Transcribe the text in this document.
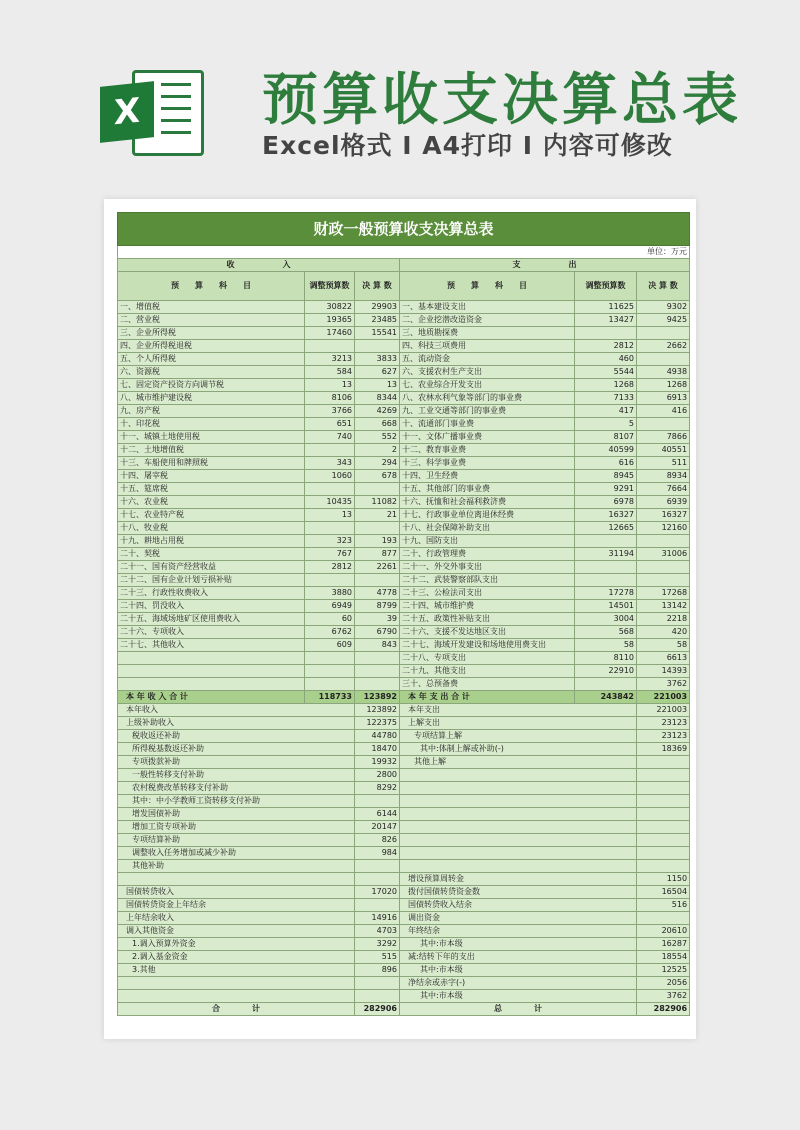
X 预算收支决算总表
Excel格式 I A4打印 I 内容可修改
财政一般预算收支决算总表					
单位：万元					
收　　　　　　入			支　　　　　　出		
预　　算　　科　　目	调整预算数	决 算 数	预　　算　　科　　目	调整预算数	决 算 数
一、增值税	30822	29903	一、基本建设支出	11625	9302
二、营业税	19365	23485	二、企业挖潜改造资金	13427	9425
三、企业所得税	17460	15541	三、地质勘探费		
四、企业所得税退税			四、科技三项费用	2812	2662
五、个人所得税	3213	3833	五、流动资金	460	
六、资源税	584	627	六、支援农村生产支出	5544	4938
七、固定资产投资方向调节税	13	13	七、农业综合开发支出	1268	1268
八、城市维护建设税	8106	8344	八、农林水利气象等部门的事业费	7133	6913
九、房产税	3766	4269	九、工业交通等部门的事业费	417	416
十、印花税	651	668	十、流通部门事业费	5	
十一、城镇土地使用税	740	552	十一、文体广播事业费	8107	7866
十二、土地增值税		2	十二、教育事业费	40599	40551
十三、车船使用和牌照税	343	294	十三、科学事业费	616	511
十四、屠宰税	1060	678	十四、卫生经费	8945	8934
十五、筵席税			十五、其他部门的事业费	9291	7664
十六、农业税	10435	11082	十六、抚恤和社会福利救济费	6978	6939
十七、农业特产税	13	21	十七、行政事业单位离退休经费	16327	16327
十八、牧业税			十八、社会保障补助支出	12665	12160
十九、耕地占用税	323	193	十九、国防支出		
二十、契税	767	877	二十、行政管理费	31194	31006
二十一、国有资产经营收益	2812	2261	二十一、外交外事支出		
二十二、国有企业计划亏损补贴			二十二、武装警察部队支出		
二十三、行政性收费收入	3880	4778	二十三、公检法司支出	17278	17268
二十四、罚没收入	6949	8799	二十四、城市维护费	14501	13142
二十五、海域场地矿区使用费收入	60	39	二十五、政策性补贴支出	3004	2218
二十六、专项收入	6762	6790	二十六、支援不发达地区支出	568	420
二十七、其他收入	609	843	二十七、海域开发建设和场地使用费支出	58	58
			二十八、专项支出	8110	6613
			二十九、其他支出	22910	14393
			三十、总预备费		3762
本 年 收 入 合 计	118733	123892	本 年 支 出 合 计	243842	221003
本年收入		123892	本年支出		221003
上级补助收入		122375	上解支出		23123
税收返还补助		44780	专项结算上解		23123
所得税基数返还补助		18470	其中:体制上解或补助(-)		18369
专项拨款补助		19932	其他上解		
一般性转移支付补助		2800			
农村税费改革转移支付补助		8292			
其中：中小学教师工资转移支付补助					
增发国债补助		6144			
增加工资专项补助		20147			
专项结算补助		826			
调整收入任务增加或减少补助		984			
其他补助					
			增设预算周转金		1150
国债转贷收入		17020	拨付国债转贷资金数		16504
国债转贷资金上年结余			国债转贷收入结余		516
上年结余收入		14916	调出资金		
调入其他资金		4703	年终结余		20610
1.调入预算外资金		3292	其中:市本级		16287
2.调入基金资金		515	减:结转下年的支出		18554
3.其他		896	其中:市本级		12525
			净结余或赤字(-)		2056
			其中:市本级		3762
合　　　　计		282906	总　　　　计		282906
